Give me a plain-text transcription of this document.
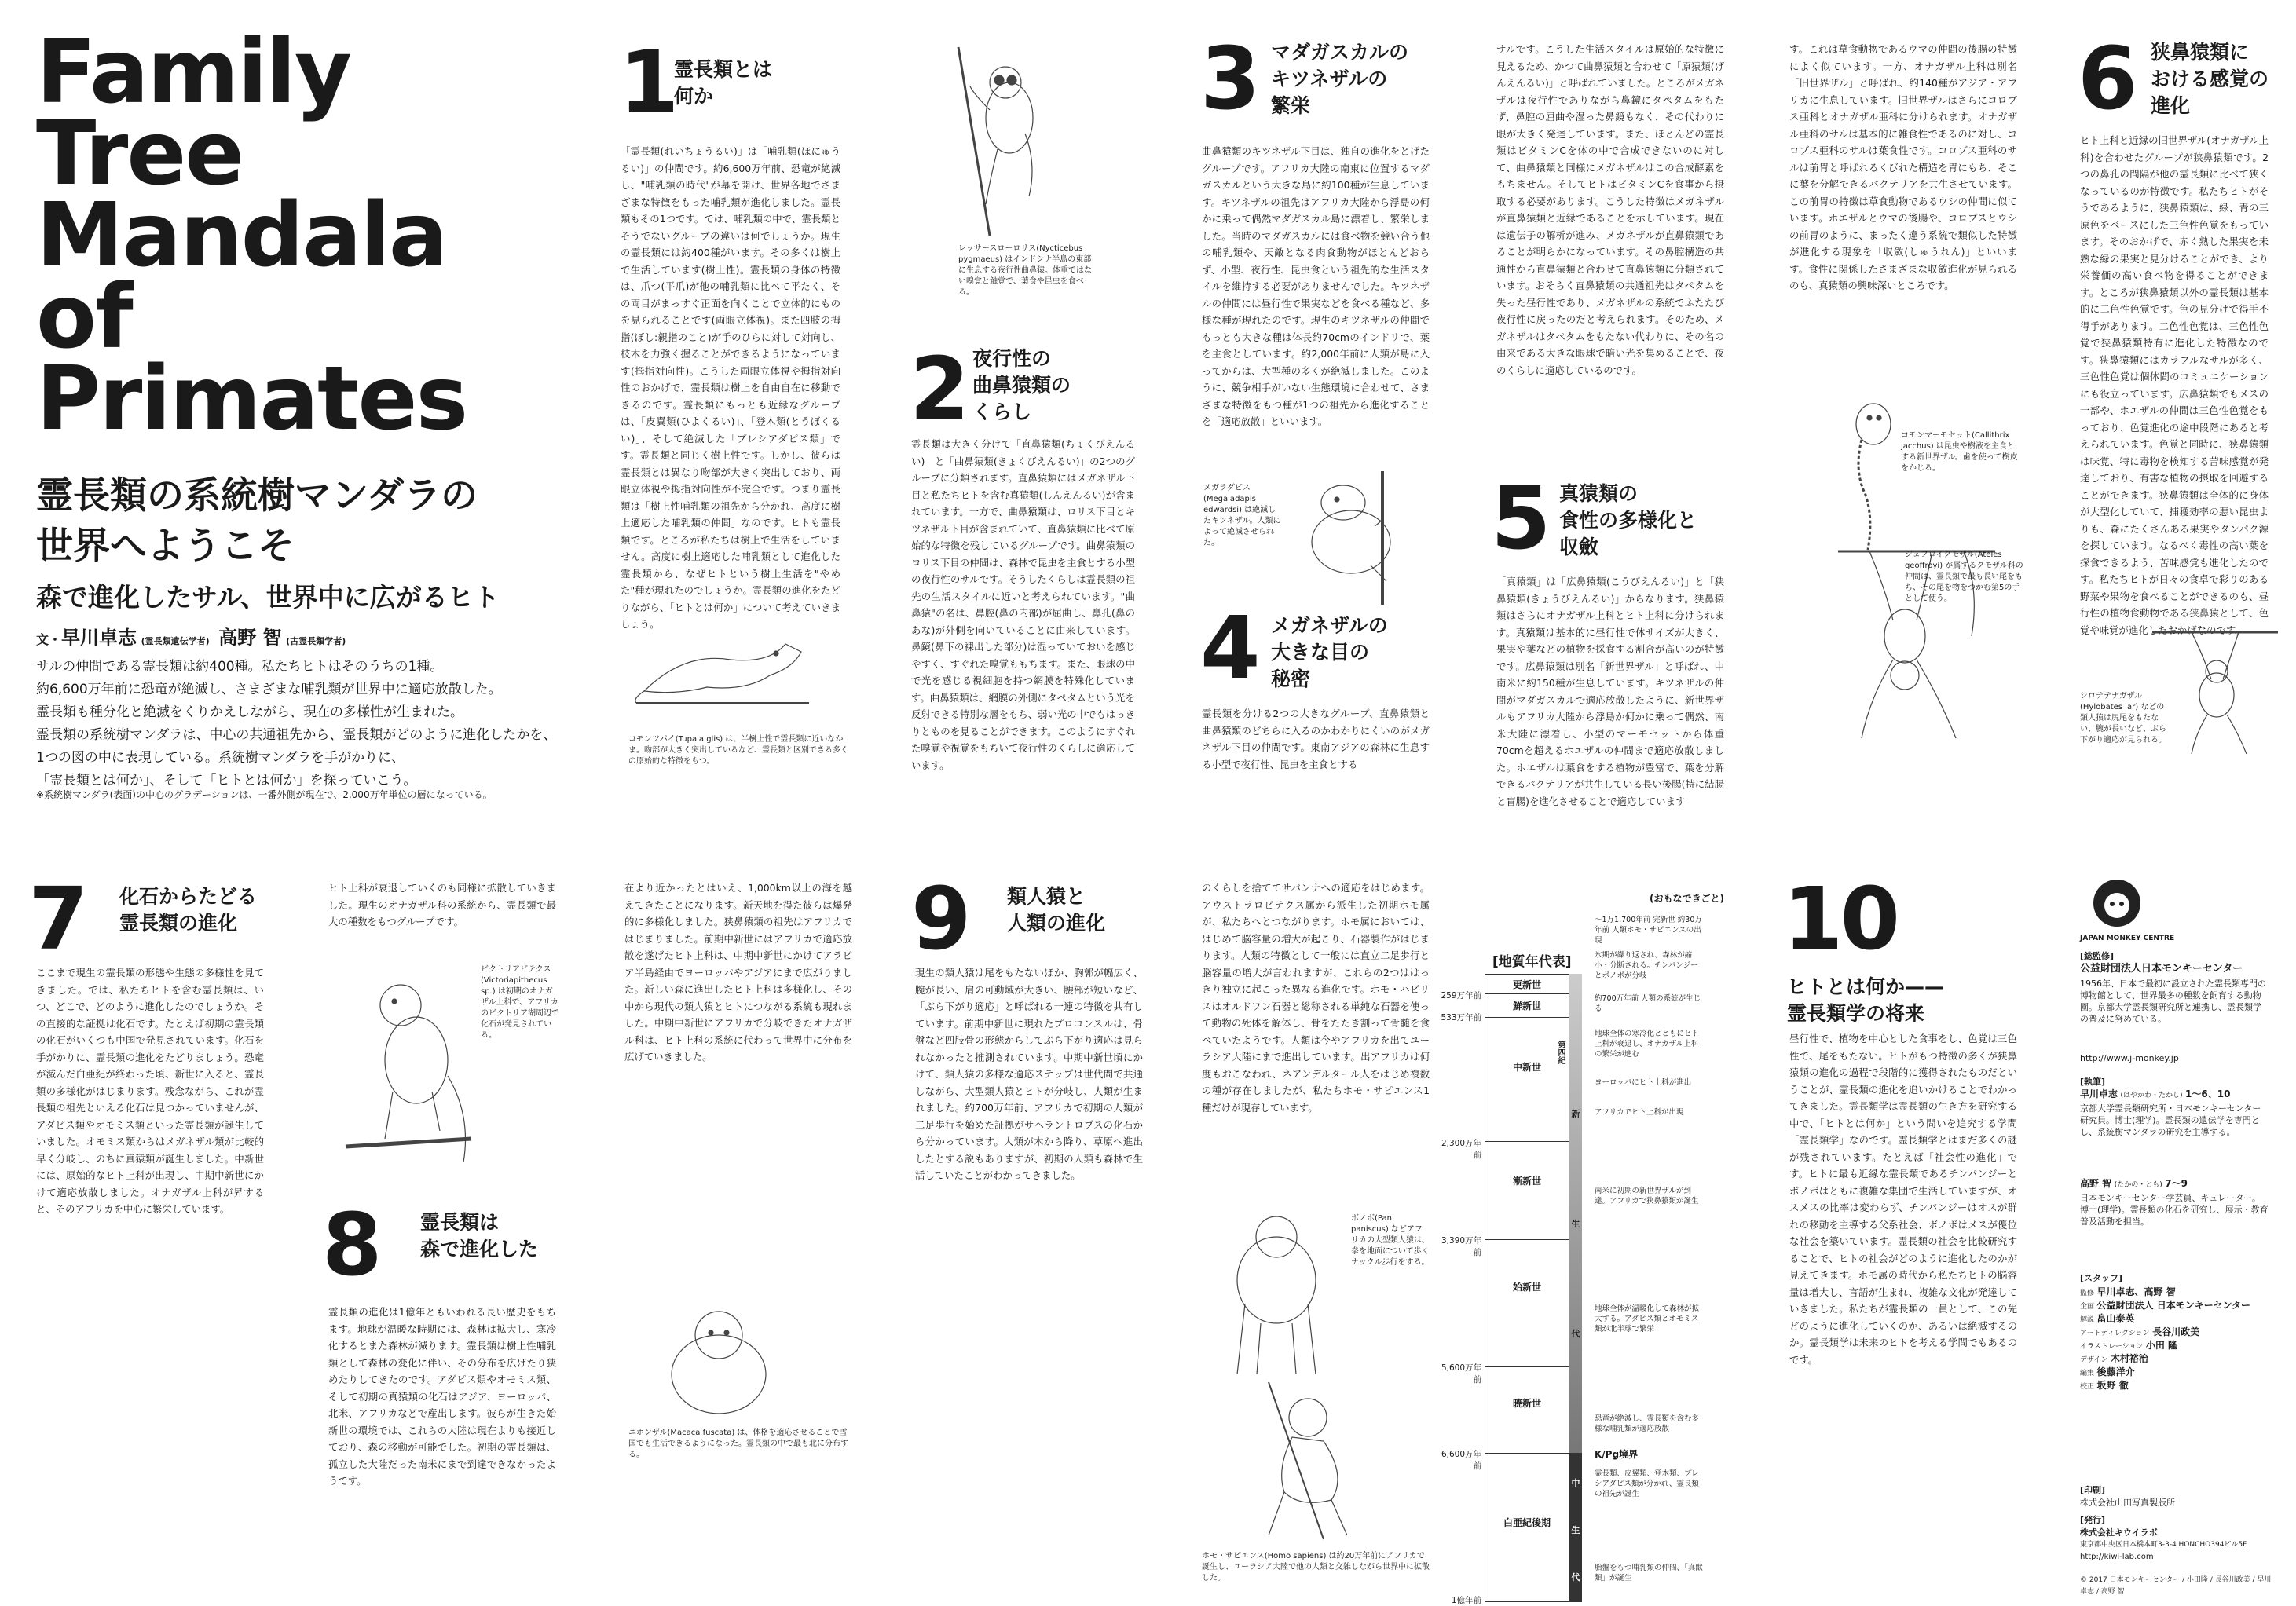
Family
Tree
Mandala
of
Primates
霊長類の系統樹マンダラの
世界へようこそ
森で進化したサル、世界中に広がるヒト
文・早川卓志 (霊長類遺伝学者) 高野 智 (古霊長類学者)

サルの仲間である霊長類は約400種。私たちヒトはそのうちの1種。

約6,600万年前に恐竜が絶滅し、さまざまな哺乳類が世界中に適応放散した。

霊長類も種分化と絶滅をくりかえしながら、現在の多様性が生まれた。

霊長類の系統樹マンダラは、中心の共通祖先から、霊長類がどのように進化したかを、

1つの図の中に表現している。系統樹マンダラを手がかりに、

「霊長類とは何か」、そして「ヒトとは何か」を探っていこう。

※系統樹マンダラ(表面)の中心のグラデーションは、一番外側が現在で、2,000万年単位の層になっている。
1
霊長類とは
何か
「霊長類(れいちょうるい)」は「哺乳類(ほにゅうるい)」の仲間です。約6,600万年前、恐竜が絶滅し、"哺乳類の時代"が幕を開け、世界各地でさまざまな特徴をもった哺乳類が進化しました。霊長類もその1つです。では、哺乳類の中で、霊長類とそうでないグループの違いは何でしょうか。現生の霊長類には約400種がいます。その多くは樹上で生活しています(樹上性)。霊長類の身体の特徴は、爪つ(平爪)が他の哺乳類に比べて平たく、その両目がまっすぐ正面を向くことで立体的にものを見られることです(両眼立体視)。また四肢の拇指(ぼし:親指のこと)が手のひらに対して対向し、枝木を力強く握ることができるようになっています(拇指対向性)。こうした両眼立体視や拇指対向性のおかげで、霊長類は樹上を自由自在に移動できるのです。霊長類にもっとも近縁なグループは、「皮翼類(ひよくるい)」、「登木類(とうぼくるい)」、そして絶滅した「プレシアダピス類」です。霊長類と同じく樹上性です。しかし、彼らは霊長類とは異なり吻部が大きく突出しており、両眼立体視や拇指対向性が不完全です。つまり霊長類は「樹上性哺乳類の祖先から分かれ、高度に樹上適応した哺乳類の仲間」なのです。ヒトも霊長類です。ところが私たちは樹上で生活をしていません。高度に樹上適応した哺乳類として進化した霊長類から、なぜヒトという樹上生活を"やめた"種が現れたのでしょうか。霊長類の進化をたどりながら、「ヒトとは何か」について考えていきましょう。
レッサースローロリス(Nycticebus pygmaeus) はインドシナ半島の東部に生息する夜行性曲鼻猿。体重ではない嗅覚と触覚で、葉食や昆虫を食べる。
コモンツパイ(Tupaia glis) は、半樹上性で霊長類に近いなかま。吻部が大きく突出しているなど、霊長類と区別できる多くの原始的な特徴をもつ。
2 夜行性の
曲鼻猿類の
くらし
霊長類は大きく分けて「直鼻猿類(ちょくびえんるい)」と「曲鼻猿類(きょくびえんるい)」の2つのグループに分類されます。直鼻猿類にはメガネザル下目と私たちヒトを含む真猿類(しんえんるい)が含まれています。一方で、曲鼻猿類は、ロリス下目とキツネザル下目が含まれていて、直鼻猿類に比べて原始的な特徴を残しているグループです。曲鼻猿類のロリス下目の仲間は、森林で昆虫を主食とする小型の夜行性のサルです。そうしたくらしは霊長類の祖先の生活スタイルに近いと考えられています。"曲鼻猿"の名は、鼻腔(鼻の内部)が屈曲し、鼻孔(鼻のあな)が外側を向いていることに由来しています。鼻鏡(鼻下の裸出した部分)は湿っていておいを感じやすく、すぐれた嗅覚ももちます。また、眼球の中で光を感じる視細胞を持つ網膜を特殊化しています。曲鼻猿類は、網膜の外側にタペタムという光を反射できる特別な層をもち、弱い光の中でもはっきりとものを見ることができます。このようにすぐれた嗅覚や視覚をもちいて夜行性のくらしに適応しています。
3 マダガスカルの
キツネザルの
繁栄
曲鼻猿類のキツネザル下目は、独自の進化をとげたグループです。アフリカ大陸の南東に位置するマダガスカルという大きな島に約100種が生息しています。キツネザルの祖先はアフリカ大陸から浮島の何かに乗って偶然マダガスカル島に漂着し、繁栄しました。当時のマダガスカルには食べ物を競い合う他の哺乳類や、天敵となる肉食動物がほとんどおらず、小型、夜行性、昆虫食という祖先的な生活スタイルを維持する必要がありませんでした。キツネザルの仲間には昼行性で果実などを食べる種など、多様な種が現れたのです。現生のキツネザルの仲間でもっとも大きな種は体長約70cmのインドリで、葉を主食としています。約2,000年前に人類が島に入ってからは、大型種の多くが絶滅しました。このように、競争相手がいない生態環境に合わせて、さまざまな特徴をもつ種が1つの祖先から進化することを「適応放散」といいます。
メガラダピス(Megaladapis edwardsi) は絶滅したキツネザル。人類によって絶滅させられた。
4 メガネザルの
大きな目の
秘密
霊長類を分ける2つの大きなグループ、直鼻猿類と曲鼻猿類のどちらに入るのかわかりにくいのがメガネザル下目の仲間です。東南アジアの森林に生息する小型で夜行性、昆虫を主食とする
サルです。こうした生活スタイルは原始的な特徴に見えるため、かつて曲鼻猿類と合わせて「原猿類(げんえんるい)」と呼ばれていました。ところがメガネザルは夜行性でありながら鼻鏡にタペタムをもたず、鼻腔の屈曲や湿った鼻鏡もなく、その代わりに眼が大きく発達しています。また、ほとんどの霊長類はビタミンCを体の中で合成できないのに対して、曲鼻猿類と同様にメガネザルはこの合成酵素をもちません。そしてヒトはビタミンCを食事から摂取する必要があります。こうした特徴はメガネザルが直鼻猿類と近縁であることを示しています。現在は遺伝子の解析が進み、メガネザルが直鼻猿類であることが明らかになっています。その鼻腔構造の共通性から直鼻猿類と合わせて直鼻猿類に分類されています。おそらく直鼻猿類の共通祖先はタペタムを失った昼行性であり、メガネザルの系統でふたたび夜行性に戻ったのだと考えられます。そのため、メガネザルはタペタムをもたない代わりに、その名の由来である大きな眼球で暗い光を集めることで、夜のくらしに適応しているのです。
5 真猿類の
食性の多様化と
収斂
「真猿類」は「広鼻猿類(こうびえんるい)」と「狭鼻猿類(きょうびえんるい)」からなります。狭鼻猿類はさらにオナガザル上科とヒト上科に分けられます。真猿類は基本的に昼行性で体サイズが大きく、果実や葉などの植物を採食する割合が高いのが特徴です。広鼻猿類は別名「新世界ザル」と呼ばれ、中南米に約150種が生息しています。キツネザルの仲間がマダガスカルで適応放散したように、新世界ザルもアフリカ大陸から浮島か何かに乗って偶然、南米大陸に漂着し、小型のマーモセットから体重70cmを超えるホエザルの仲間まで適応放散しました。ホエザルは葉食をする植物が豊富で、葉を分解できるバクテリアが共生している長い後腸(特に結腸と盲腸)を進化させることで適応しています
す。これは草食動物であるウマの仲間の後腸の特徴によく似ています。一方、オナガザル上科は別名「旧世界ザル」と呼ばれ、約140種がアジア・アフリカに生息しています。旧世界ザルはさらにコロブス亜科とオナガザル亜科に分けられます。オナガザル亜科のサルは基本的に雑食性であるのに対し、コロブス亜科のサルは葉食性です。コロブス亜科のサルは前胃と呼ばれるくびれた構造を胃にもち、そこに葉を分解できるバクテリアを共生させています。この前胃の特徴は草食動物であるウシの仲間に似ています。ホエザルとウマの後腸や、コロブスとウシの前胃のように、まったく違う系統で類似した特徴が進化する現象を「収斂(しゅうれん)」といいます。食性に関係したさまざまな収斂進化が見られるのも、真猿類の興味深いところです。
コモンマーモセット(Callithrix jacchus) は昆虫や樹液を主食とする新世界ザル。歯を使って樹皮をかじる。
ジェフロイクモザル(Ateles geoffroyi) が属するクモザル科の仲間は、霊長類で最も長い尾をもち、その尾を物をつかむ第5の手として使う。
6 狭鼻猿類に
おける感覚の
進化
ヒト上科と近縁の旧世界ザル(オナガザル上科)を合わせたグループが狭鼻猿類です。2つの鼻孔の間隔が他の霊長類に比べて狭くなっているのが特徴です。私たちヒトがそうであるように、狭鼻猿類は、緑、青の三原色をベースにした三色性色覚をもっています。そのおかげで、赤く熟した果実を未熟な緑の果実と見分けることができ、より栄養価の高い食べ物を得ることができます。ところが狭鼻猿類以外の霊長類は基本的に二色性色覚です。色の見分けで得手不得手があります。二色性色覚は、三色性色覚で狭鼻猿類特有に進化した特徴なのです。狭鼻猿類にはカラフルなサルが多く、三色性色覚は個体間のコミュニケーションにも役立っています。広鼻猿類でもメスの一部や、ホエザルの仲間は三色性色覚をもっており、色覚進化の途中段階にあると考えられています。色覚と同時に、狭鼻猿類は味覚、特に毒物を検知する苦味感覚が発達しており、有害な植物の摂取を回避することができます。狭鼻猿類は全体的に身体が大型化していて、捕獲効率の悪い昆虫よりも、森にたくさんある果実やタンパク源を探しています。なるべく毒性の高い葉を探食できるよう、苦味感覚も進化したのです。私たちヒトが日々の食卓で彩りのある野菜や果物を食べることができるのも、昼行性の植物食動物である狭鼻猿として、色覚や味覚が進化したおかげなのです。
シロテテナガザル(Hylobates lar) などの類人猿は尻尾をもたない、腕が長いなど、ぶら下がり適応が見られる。
7 化石からたどる
霊長類の進化
ここまで現生の霊長類の形態や生態の多様性を見てきました。では、私たちヒトを含む霊長類は、いつ、どこで、どのように進化したのでしょうか。その直接的な証拠は化石です。たとえば初期の霊長類の化石がいくつも中国で発見されています。化石を手がかりに、霊長類の進化をたどりましょう。恐竜が滅んだ白亜紀が終わった頃、新世に入ると、霊長類の多様化がはじまります。残念ながら、これが霊長類の祖先といえる化石は見つかっていませんが、アダピス類やオモミス類といった霊長類が誕生していました。オモミス類からはメガネザル類が比較的早く分岐し、のちに真猿類が誕生しました。中新世には、原始的なヒト上科が出現し、中期中新世にかけて適応放散しました。オナガザル上科が昇すると、そのアフリカを中心に繁栄しています。
ヒト上科が衰退していくのも同様に拡散していきました。現生のオナガザル科の系統から、霊長類で最大の種数をもつグループです。
ビクトリアピテクス(Victoriapithecus sp.) は初期のオナガザル上科で、アフリカのビクトリア湖周辺で化石が発見されている。
8 霊長類は
森で進化した
霊長類の進化は1億年ともいわれる長い歴史をもちます。地球が温暖な時期には、森林は拡大し、寒冷化するとまた森林が減ります。霊長類は樹上性哺乳類として森林の変化に伴い、その分布を広げたり狭めたりしてきたのです。アダピス類やオモミス類、そして初期の真猿類の化石はアジア、ヨーロッパ、北米、アフリカなどで産出します。彼らが生きた始新世の環境では、これらの大陸は現在よりも接近しており、森の移動が可能でした。初期の霊長類は、孤立した大陸だった南米にまで到達できなかったようです。
在より近かったとはいえ、1,000km以上の海を越えてきたことになります。新天地を得た彼らは爆発的に多様化しました。狭鼻猿類の祖先はアフリカではじまりました。前期中新世にはアフリカで適応放散を遂げたヒト上科は、中期中新世にかけてアラビア半島経由でヨーロッパやアジアにまで広がりました。新しい森に進出したヒト上科は多様化し、その中から現代の類人猿とヒトにつながる系統も現れました。中期中新世にアフリカで分岐できたオナガザル科は、ヒト上科の系統に代わって世界中に分布を広げていきました。
ニホンザル(Macaca fuscata) は、体格を適応させることで雪国でも生活できるようになった。霊長類の中で最も北に分布する。
9 類人猿と
人類の進化
現生の類人猿は尾をもたないほか、胸郭が幅広く、腕が長い、肩の可動域が大きい、腰部が短いなど、「ぶら下がり適応」と呼ばれる一連の特徴を共有しています。前期中新世に現れたプロコンスルは、骨盤など四肢骨の形態からしてぶら下がり適応は見られなかったと推測されています。中期中新世頃にかけて、類人猿の多様な適応ステップは世代間で共通しながら、大型類人猿とヒトが分岐し、人類が生まれました。約700万年前、アフリカで初期の人類が二足歩行を始めた証拠がサヘラントロプスの化石から分かっています。人類が木から降り、草原へ進出したとする説もありますが、初期の人類も森林で生活していたことがわかってきました。
のくらしを捨ててサバンナへの適応をはじめます。アウストラロピテクス属から派生した初期ホモ属が、私たちへとつながります。ホモ属においては、はじめて脳容量の増大が起こり、石器製作がはじまります。人類の特徴として一般には直立二足歩行と脳容量の増大が言われますが、これらの2つははっきり独立に起こった異なる進化です。ホモ・ハビリスはオルドワン石器と総称される単純な石器を使って動物の死体を解体し、骨をたたき割って骨髄を食べていたようです。人類は今やアフリカを出てユーラシア大陸にまで進出しています。出アフリカは何度もおこなわれ、ネアンデルタール人をはじめ複数の種が存在しましたが、私たちホモ・サピエンス1種だけが現存しています。
ボノボ(Pan paniscus) などアフリカの大型類人猿は、拳を地面について歩くナックル歩行をする。
ホモ・サピエンス(Homo sapiens) は約20万年前にアフリカで誕生し、ユーラシア大陸で他の人類と交雑しながら世界中に拡散した。
[地質年代表]
(おもなできごと)
更新世
鮮新世
中新世
漸新世
始新世
暁新世
白亜紀後期
259万年前
533万年前
2,300万年前
3,390万年前
5,600万年前
6,600万年前
1億年前
第四紀
新
生
代
中
生
代
〜1万1,700年前 完新世 約30万年前 人類ホモ・サピエンスの出現
氷期が繰り返され、森林が縮小・分断される。チンパンジーとボノボが分岐
約700万年前 人類の系統が生じる
地球全体の寒冷化とともにヒト上科が衰退し、オナガザル上科の繁栄が進む
ヨーロッパにヒト上科が進出
アフリカでヒト上科が出現
南米に初期の新世界ザルが到達。アフリカで狭鼻猿類が誕生
地球全体が温暖化して森林が拡大する。アダピス類とオモミス類が北半球で繁栄
恐竜が絶滅し、霊長類を含む多様な哺乳類が適応放散
K/Pg境界
霊長類、皮翼類、登木類、プレシアダピス類が分かれ、霊長類の祖先が誕生
胎盤をもつ哺乳類の仲間、「真獣類」が誕生
10
ヒトとは何か——
霊長類学の将来
昼行性で、植物を中心とした食事をし、色覚は三色性で、尾をもたない。ヒトがもつ特徴の多くが狭鼻猿類の進化の過程で段階的に獲得されたものだということが、霊長類の進化を追いかけることでわかってきました。霊長類学は霊長類の生き方を研究する中で、「ヒトとは何か」という問いを追究する学問「霊長類学」なのです。霊長類学とはまだ多くの謎が残されています。たとえば「社会性の進化」です。ヒトに最も近縁な霊長類であるチンパンジーとボノボはともに複雑な集団で生活していますが、オスメスの比率は変わらず、チンパンジーはオスが群れの移動を主導する父系社会、ボノボはメスが優位な社会を築いています。霊長類の社会を比較研究することで、ヒトの社会がどのように進化したのかが見えてきます。ホモ属の時代から私たちヒトの脳容量は増大し、言語が生まれ、複雑な文化が発達していきました。私たちが霊長類の一員として、この先どのように進化していくのか、あるいは絶滅するのか。霊長類学は未来のヒトを考える学問でもあるのです。
JAPAN MONKEY CENTRE
[総監修]
公益財団法人日本モンキーセンター
1956年、日本で最初に設立された霊長類専門の博物館として、世界最多の種数を飼育する動物園。京都大学霊長類研究所と連携し、霊長類学の普及に努めている。
http://www.j-monkey.jp
[執筆]
早川卓志 (はやかわ・たかし) 1〜6、10
京都大学霊長類研究所・日本モンキーセンター研究員。博士(理学)。霊長類の遺伝学を専門とし、系統樹マンダラの研究を主導する。
高野 智 (たかの・とも) 7〜9
日本モンキーセンター学芸員、キュレーター。博士(理学)。霊長類の化石を研究し、展示・教育普及活動を担当。
[スタッフ]
監修 早川卓志、高野 智
企画 公益財団法人 日本モンキーセンター
解説 畠山泰英
アートディレクション 長谷川政美
イラストレーション 小田 隆
デザイン 木村裕治
編集 後藤洋介
校正 坂野 徹
[印刷]
株式会社山田写真製版所
[発行]
株式会社キウイラボ
東京都中央区日本橋本町3-3-4 HONCHO394ビル5F
http://kiwi-lab.com
© 2017 日本モンキーセンター / 小田隆 / 長谷川政美 / 早川卓志 / 高野 智
